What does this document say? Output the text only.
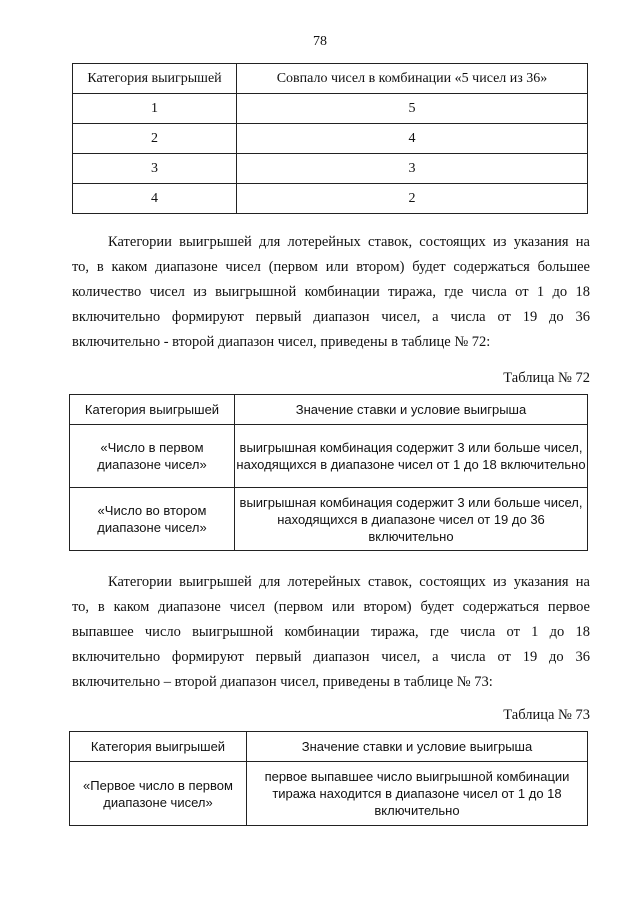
78
Категория выигрышей	Совпало чисел в комбинации «5 чисел из 36»
1	5
2	4
3	3
4	2
Категории выигрышей для лотерейных ставок, состоящих из указания на
то, в каком диапазоне чисел (первом или втором) будет содержаться большее
количество чисел из выигрышной комбинации тиража, где числа от 1 до 18
включительно формируют первый диапазон чисел, а числа от 19 до 36
включительно - второй диапазон чисел, приведены в таблице № 72:
Таблица № 72
Категория выигрышей	Значение ставки и условие выигрыша
«Число в первом диапазоне чисел»	выигрышная комбинация содержит 3 или больше чисел, находящихся в диапазоне чисел от 1 до 18 включительно
«Число во втором диапазоне чисел»	выигрышная комбинация содержит 3 или больше чисел, находящихся в диапазоне чисел от 19 до 36 включительно
Категории выигрышей для лотерейных ставок, состоящих из указания на
то, в каком диапазоне чисел (первом или втором) будет содержаться первое
выпавшее число выигрышной комбинации тиража, где числа от 1 до 18
включительно формируют первый диапазон чисел, а числа от 19 до 36
включительно – второй диапазон чисел, приведены в таблице № 73:
Таблица № 73
Категория выигрышей	Значение ставки и условие выигрыша
«Первое число в первом диапазоне чисел»	первое выпавшее число выигрышной комбинации тиража находится в диапазоне чисел от 1 до 18 включительно
